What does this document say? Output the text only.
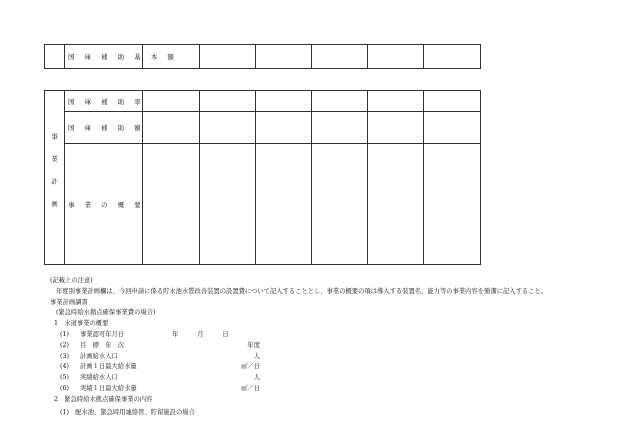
	国 庫 補 助 基 本 額						
事業計画	国 庫 補 助 率						
	国 庫 補 助 額						
	事 業 の 概 要						
(記載上の注意)
年度別事業計画欄は、今回申請に係る貯水池水質改善装置の設置費について記入することとし、事業の概要の項は導入する装置名、能力等の事業内容を簡潔に記入すること。
事業計画調書
(緊急時給水拠点確保事業費の場合)
1　水道事業の概要
(1)	事業認可年月日	年　　　月　　　日
(2)	目　標　年　次	年度
(3)	計画給水人口	人
(4)	計画１日最大給水量	㎥／日
(5)	実績給水人口	人
(6)	実績１日最大給水量	㎥／日
2　緊急時給水拠点確保事業の内容
(1)　配水池、緊急時用連絡管、貯留施設の場合
